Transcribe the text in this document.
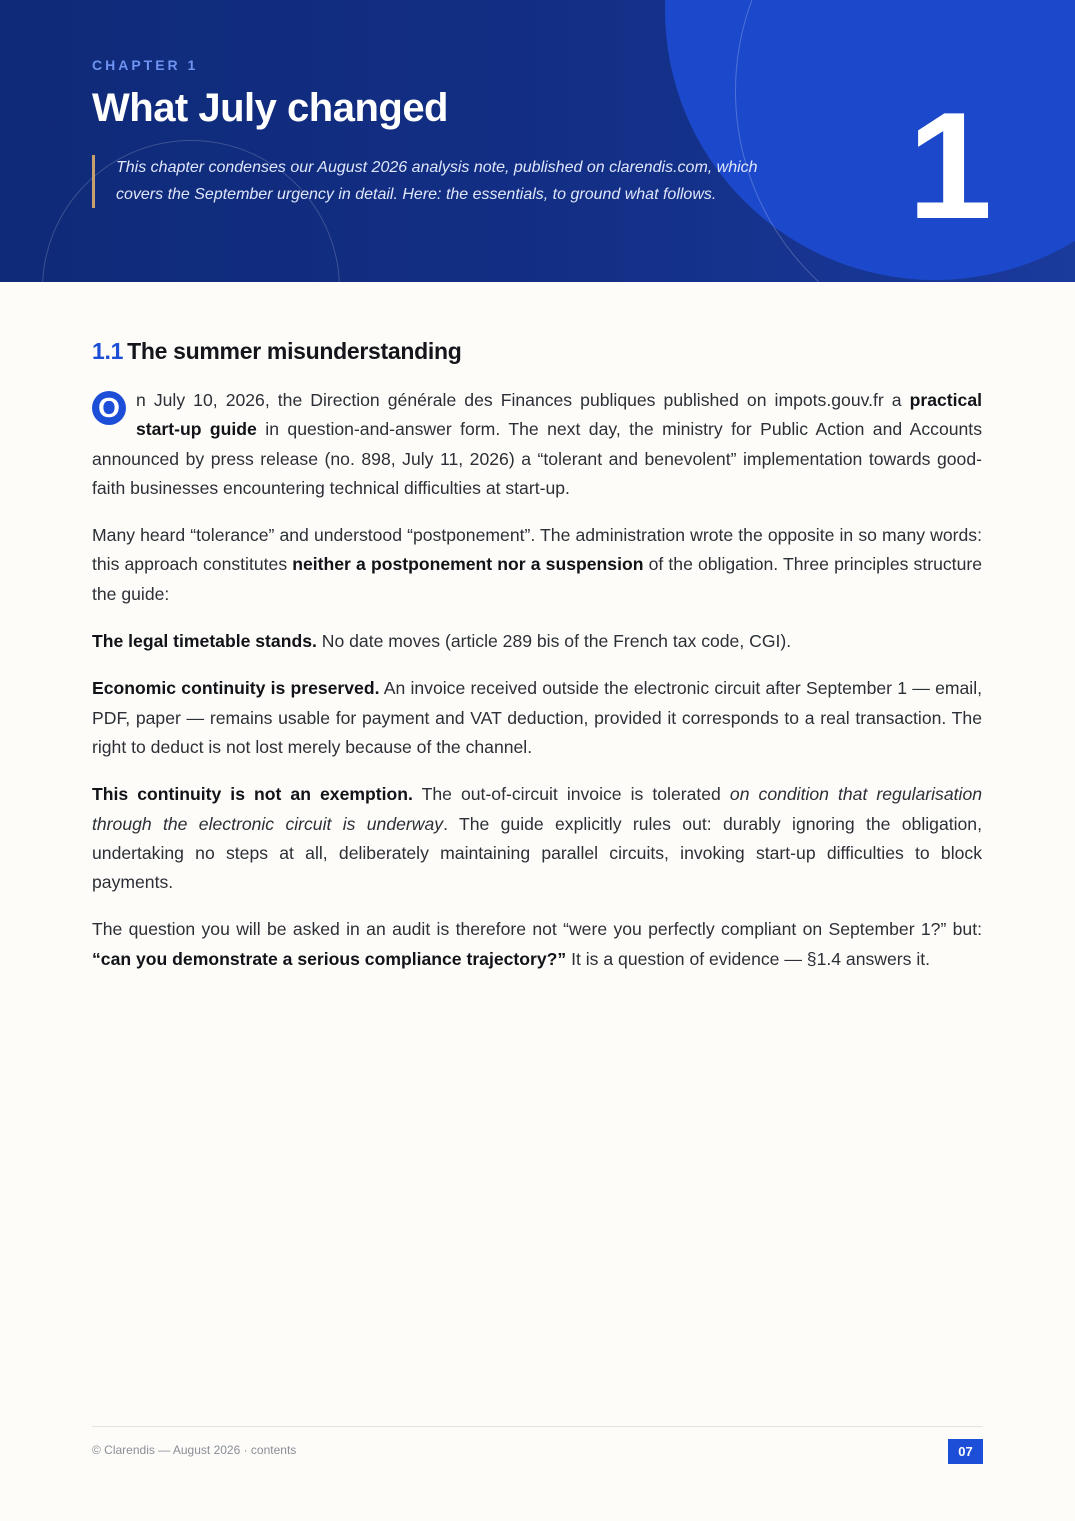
CHAPTER 1
What July changed
This chapter condenses our August 2026 analysis note, published on clarendis.com, which covers the September urgency in detail. Here: the essentials, to ground what follows.	1
1.1 The summer misunderstanding

O n July 10, 2026, the Direction générale des Finances publiques published on impots.gouv.fr a practical start-up guide in question-and-answer form. The next day, the ministry for Public Action and Accounts announced by press release (no. 898, July 11, 2026) a “tolerant and benevolent” implementation towards good-faith businesses encountering technical difficulties at start-up.

Many heard “tolerance” and understood “postponement”. The administration wrote the opposite in so many words: this approach constitutes neither a postponement nor a suspension of the obligation. Three principles structure the guide:

The legal timetable stands. No date moves (article 289 bis of the French tax code, CGI).

Economic continuity is preserved. An invoice received outside the electronic circuit after September 1 — email, PDF, paper — remains usable for payment and VAT deduction, provided it corresponds to a real transaction. The right to deduct is not lost merely because of the channel.

This continuity is not an exemption. The out-of-circuit invoice is tolerated on condition that regularisation through the electronic circuit is underway. The guide explicitly rules out: durably ignoring the obligation, undertaking no steps at all, deliberately maintaining parallel circuits, invoking start-up difficulties to block payments.

The question you will be asked in an audit is therefore not “were you perfectly compliant on September 1?” but: “can you demonstrate a serious compliance trajectory?” It is a question of evidence — §1.4 answers it.

© Clarendis — August 2026 · contents	07
